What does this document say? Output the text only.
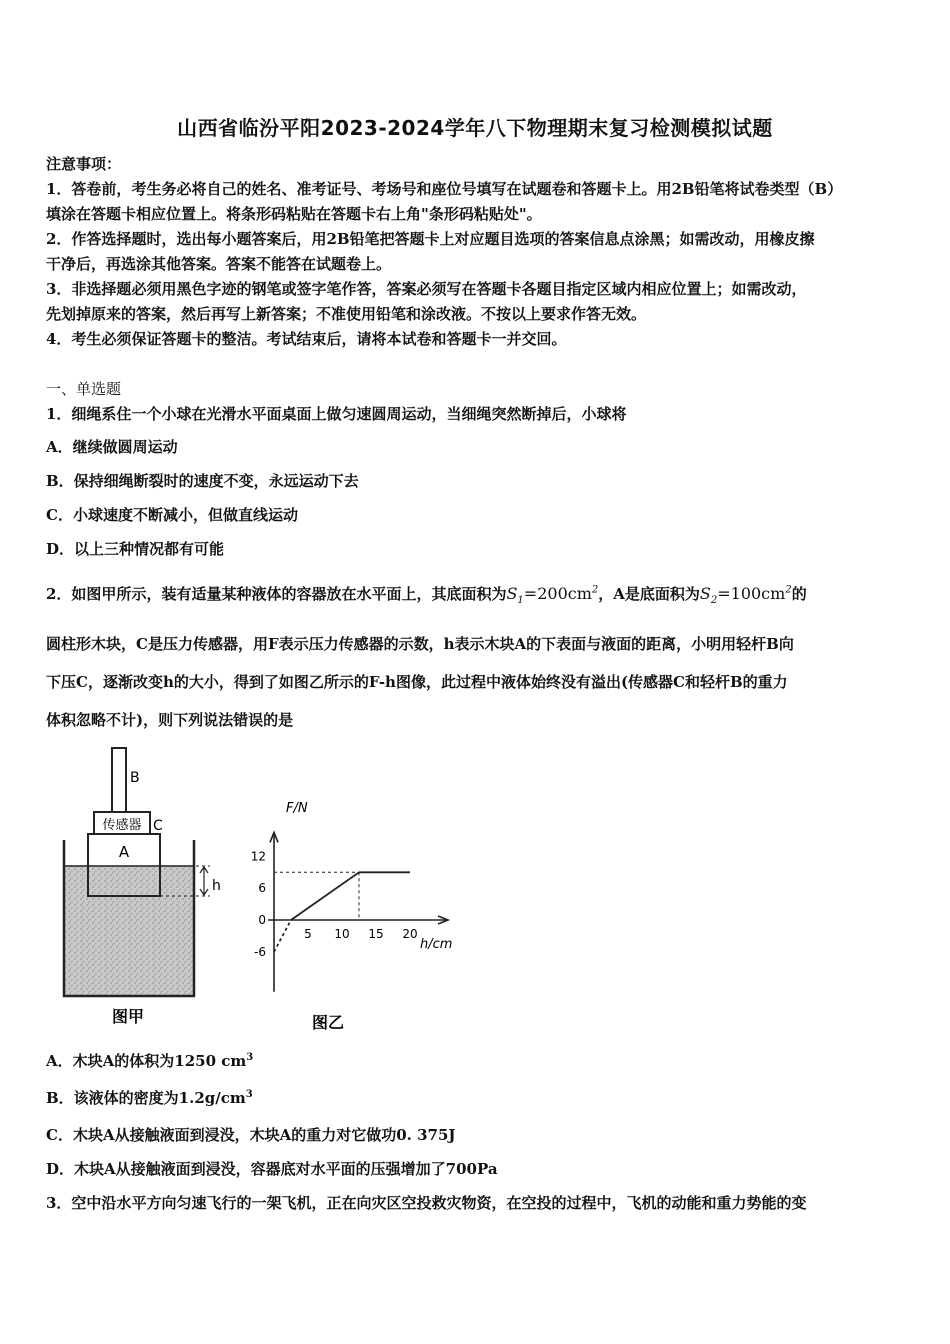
山西省临汾平阳2023-2024学年八下物理期末复习检测模拟试题
注意事项：
1．答卷前，考生务必将自己的姓名、准考证号、考场号和座位号填写在试题卷和答题卡上。用2B铅笔将试卷类型（B）
填涂在答题卡相应位置上。将条形码粘贴在答题卡右上角"条形码粘贴处"。
2．作答选择题时，选出每小题答案后，用2B铅笔把答题卡上对应题目选项的答案信息点涂黑；如需改动，用橡皮擦
干净后，再选涂其他答案。答案不能答在试题卷上。
3．非选择题必须用黑色字迹的钢笔或签字笔作答，答案必须写在答题卡各题目指定区域内相应位置上；如需改动，
先划掉原来的答案，然后再写上新答案；不准使用铅笔和涂改液。不按以上要求作答无效。
4．考生必须保证答题卡的整洁。考试结束后，请将本试卷和答题卡一并交回。
一、单选题
1．细绳系住一个小球在光滑水平面桌面上做匀速圆周运动，当细绳突然断掉后，小球将
A．继续做圆周运动
B．保持细绳断裂时的速度不变，永远运动下去
C．小球速度不断减小，但做直线运动
D．以上三种情况都有可能
2．如图甲所示，装有适量某种液体的容器放在水平面上，其底面积为$S_1=200cm^2$，A是底面积为$S_2=100cm^2$的
圆柱形木块，C是压力传感器，用F表示压力传感器的示数，h表示木块A的下表面与液面的距离，小明用轻杆B向
下压C，逐渐改变h的大小，得到了如图乙所示的F-h图像，此过程中液体始终没有溢出(传感器C和轻杆B的重力
体积忽略不计)，则下列说法错误的是
B
传感器 C
A
h
图甲
F/N
h/cm
图乙
-6
0
6
12
5 10 15 20
A．木块A的体积为1250 $cm^3$
B．该液体的密度为$1.2g/cm^3$
C．木块A从接触液面到浸没，木块A的重力对它做功0. 375J
D．木块A从接触液面到浸没，容器底对水平面的压强增加了700Pa
3．空中沿水平方向匀速飞行的一架飞机，正在向灾区空投救灾物资，在空投的过程中，飞机的动能和重力势能的变
